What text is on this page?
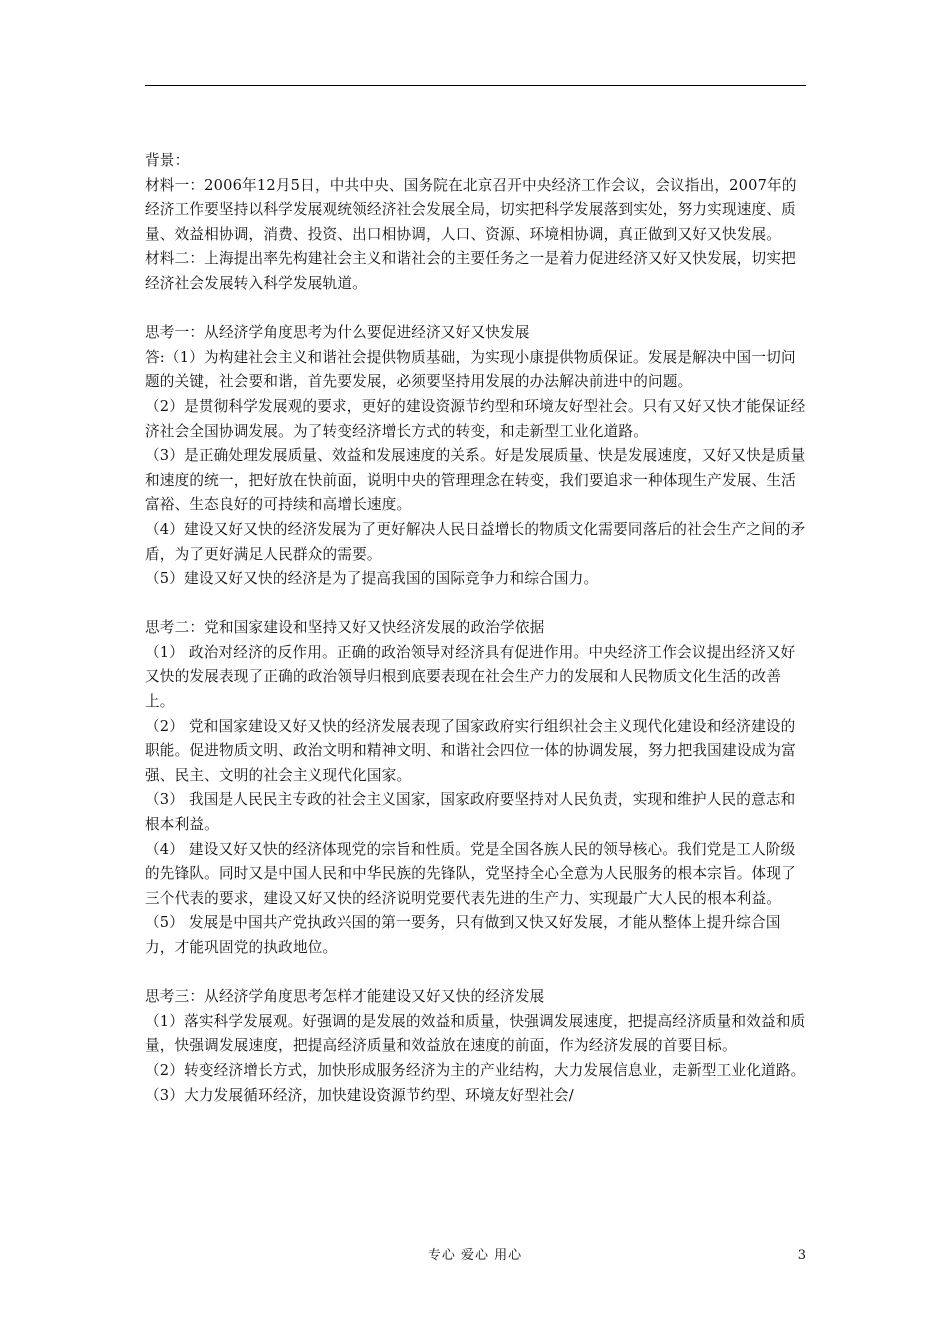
背景：

材料一：2006年12月5日，中共中央、国务院在北京召开中央经济工作会议，会议指出，2007年的经济工作要坚持以科学发展观统领经济社会发展全局，切实把科学发展落到实处，努力实现速度、质量、效益相协调，消费、投资、出口相协调，人口、资源、环境相协调，真正做到又好又快发展。

材料二：上海提出率先构建社会主义和谐社会的主要任务之一是着力促进经济又好又快发展，切实把经济社会发展转入科学发展轨道。

思考一：从经济学角度思考为什么要促进经济又好又快发展

答:（1）为构建社会主义和谐社会提供物质基础，为实现小康提供物质保证。发展是解决中国一切问题的关键，社会要和谐，首先要发展，必须要坚持用发展的办法解决前进中的问题。

（2）是贯彻科学发展观的要求，更好的建设资源节约型和环境友好型社会。只有又好又快才能保证经济社会全国协调发展。为了转变经济增长方式的转变，和走新型工业化道路。

（3）是正确处理发展质量、效益和发展速度的关系。好是发展质量、快是发展速度，又好又快是质量和速度的统一，把好放在快前面，说明中央的管理理念在转变，我们要追求一种体现生产发展、生活富裕、生态良好的可持续和高增长速度。

（4）建设又好又快的经济发展为了更好解决人民日益增长的物质文化需要同落后的社会生产之间的矛盾，为了更好满足人民群众的需要。

（5）建设又好又快的经济是为了提高我国的国际竞争力和综合国力。

思考二：党和国家建设和坚持又好又快经济发展的政治学依据

（1） 政治对经济的反作用。正确的政治领导对经济具有促进作用。中央经济工作会议提出经济又好又快的发展表现了正确的政治领导归根到底要表现在社会生产力的发展和人民物质文化生活的改善上。

（2） 党和国家建设又好又快的经济发展表现了国家政府实行组织社会主义现代化建设和经济建设的职能。促进物质文明、政治文明和精神文明、和谐社会四位一体的协调发展，努力把我国建设成为富强、民主、文明的社会主义现代化国家。

（3） 我国是人民民主专政的社会主义国家，国家政府要坚持对人民负责，实现和维护人民的意志和根本利益。

（4） 建设又好又快的经济体现党的宗旨和性质。党是全国各族人民的领导核心。我们党是工人阶级的先锋队。同时又是中国人民和中华民族的先锋队，党坚持全心全意为人民服务的根本宗旨。体现了三个代表的要求，建设又好又快的经济说明党要代表先进的生产力、实现最广大人民的根本利益。

（5） 发展是中国共产党执政兴国的第一要务，只有做到又快又好发展，才能从整体上提升综合国力，才能巩固党的执政地位。

思考三：从经济学角度思考怎样才能建设又好又快的经济发展

（1）落实科学发展观。好强调的是发展的效益和质量，快强调发展速度，把提高经济质量和效益和质量，快强调发展速度，把提高经济质量和效益放在速度的前面，作为经济发展的首要目标。

（2）转变经济增长方式，加快形成服务经济为主的产业结构，大力发展信息业，走新型工业化道路。

（3）大力发展循环经济，加快建设资源节约型、环境友好型社会/

专心 爱心 用心	3
